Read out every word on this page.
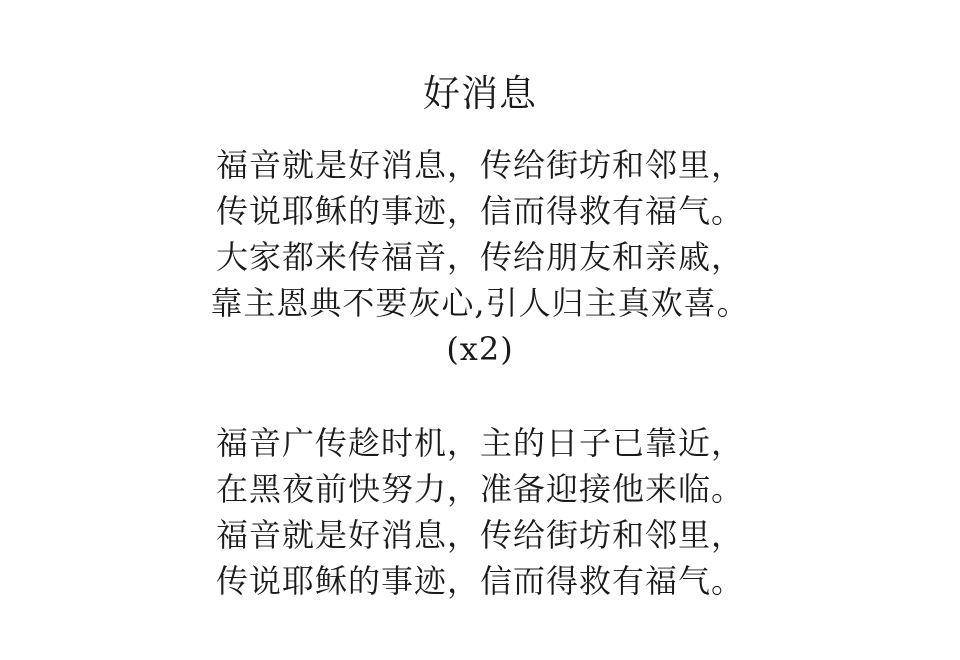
好消息
福音就是好消息，传给街坊和邻里，
传说耶稣的事迹，信而得救有福气。
大家都来传福音，传给朋友和亲戚，
靠主恩典不要灰心,引人归主真欢喜。
(x2)
福音广传趁时机，主的日子已靠近，
在黑夜前快努力，准备迎接他来临。
福音就是好消息，传给街坊和邻里，
传说耶稣的事迹，信而得救有福气。
